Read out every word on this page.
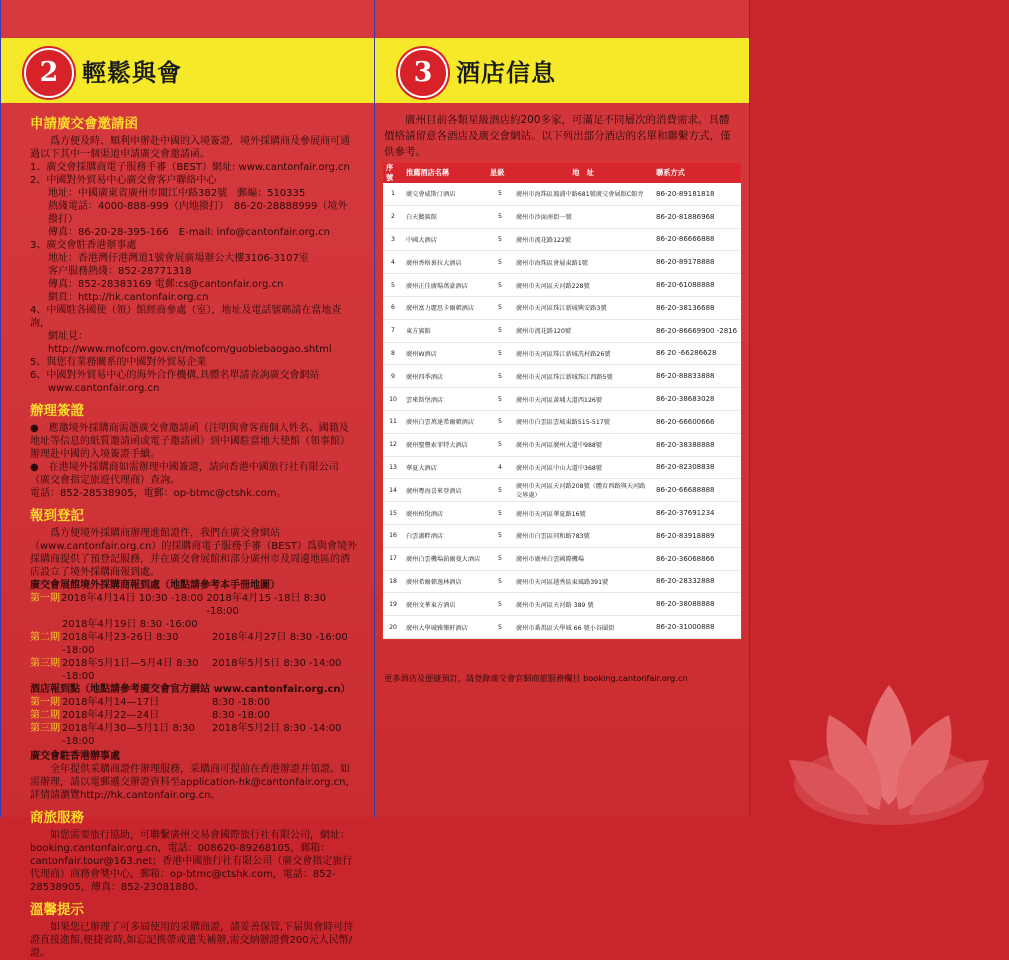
2 輕鬆與會
申請廣交會邀請函

爲方便及時、順利申辦赴中國的入境簽證，境外採購商及參展商可通過以下其中一個渠道申請廣交會邀請函。

1、廣交會採購商電子服務手審（BEST）網址: www.cantonfair.org.cn

2、中國對外貿易中心廣交會客户聯絡中心

地址：中國廣東省廣州市閲江中路382號　郵編：510335

熱綫電話：4000-888-999（内地撥打）　86-20-28888999（境外撥打）

傳真：86-20-28-395-166　E-mail: info@cantonfair.org.cn

3、廣交會駐香港辦事處

地址：香港灣仔港灣道1號會展廣場辦公大樓3106-3107室

客户服務熱綫：852-28771318

傳真：852-28383169 電郵:cs@cantonfair.org.cn

網頁：http://hk.cantonfair.org.cn

4、中國駐各國使（領）館經商參處（室），地址及電話號碼請在當地查詢，

網址見：http://www.mofcom.gov.cn/mofcom/guobiebaogao.shtml

5、與您有業務關系的中國對外貿易企業

6、中國對外貿易中心的海外合作機構,具體名單請查詢廣交會網站

www.cantonfair.org.cn

辦理簽證

●　應邀境外採購商需憑廣交會邀請函（注明與會客商個人姓名、國籍及地址等信息的紙質邀請函或電子邀請函）到中國駐當地大使館（領事館）辦理赴中國的入境簽證手續。

●　在港境外採購商如需辦理中國簽證，請向香港中國旅行社有限公司（廣交會指定旅遊代理商）查詢。

電話：852-28538905，電郵：op-btmc@ctshk.com。

報到登記

爲方便境外採購商辦理進館證件，我們在廣交會網站（www.cantonfair.org.cn）的採購商電子服務手審（BEST）爲與會境外採購商提供了預登記服務，并在廣交會展館和部分廣州市及周邊地區的酒店設立了境外採購商報到處。

廣交會展館境外採購商報到處（地點請參考本手冊地圖）

第一期 2018年4月14日 10:30 -18:00 2018年4月15 -18日 8:30 -18:00
2018年4月19日 8:30 -16:00
第二期 2018年4月23-26日 8:30 -18:00
2018年4月27日 8:30 -16:00
第三期 2018年5月1日—5月4日 8:30 -18:00
2018年5月5日 8:30 -14:00

酒店報到點（地點請參考廣交會官方網站 www.cantonfair.org.cn）

第一期 2018年4月14—17日	8:30 -18:00
第二期 2018年4月22—24日	8:30 -18:00
第三期 2018年4月30—5月1日 8:30 -18:00
2018年5月2日 8:30 -14:00

廣交會駐香港辦事處

全年提供采購商證件辦理服務，采購商可提前在香港辦證并領證。如需辦理，請以電郵遞交辦證資料至application-hk@cantonfair.org.cn，詳情請瀏覽http://hk.cantonfair.org.cn。

商旅服務

如您需要旅行協助，可聯繫廣州交易會國際旅行社有限公司，網址：booking.cantonfair.org.cn，電話：008620-89268105，郵箱：cantonfair.tour@163.net；香港中國旅行社有限公司（廣交會指定旅行代理商）商務會奬中心，郵箱：op-btmc@ctshk.com，電話：852-28538905，傳真：852-23081880。

溫馨提示

如果您已辦理了可多屆使用的采購商證，請妥善保管,下届與會時可持證直接進館,便捷省時,如忘記携帶或遺失補辦,需交納辦證費200元人民幣/證。

3 酒店信息
廣州目前各類星級酒店約200多家，可滿足不同層次的消費需求。具體價格請留意各酒店及廣交會網站。以下列出部分酒店的名單和聯繫方式，僅供參考。
序號	推薦酒店名稱	星級	地　址	聯系方式
1	廣交會威斯汀酒店	5	廣州市海珠區鳳浦中路681號廣交會展館C館旁	86-20-89181818
2	白天鵝賓館	5	廣州市沙面南街一號	86-20-81886968
3	中國大酒店	5	廣州市流花路122號	86-20-86666888
4	廣州香格裏拉大酒店	5	廣州市海珠區會展東路1號	86-20-89178888
5	廣州正佳廣場萬豪酒店	5	廣州市天河區天河路228號	86-20-61088888
6	廣州富力麗思卡爾頓酒店	5	廣州市天河區珠江新城興安路3號	86-20-38136688
7	東方賓館	5	廣州市流花路120號	86-20-86669900 -2816
8	廣州W酒店	5	廣州市天河區珠江新城冼村路26號	86 20 -66286628
9	廣州四季酒店	5	廣州市天河區珠江新城珠江西路5號	86-20-88833888
10	雲來斯堡酒店	5	廣州市天河區黃埔大道西126號	86-20-38683028
11	廣州白雲萬達希爾頓酒店	5	廣州市白雲區雲城東路515-517號	86-20-66600666
12	廣州聖豐索菲特大酒店	5	廣州市天河區廣州大道中988號	86-20-38388888
13	華夏大酒店	4	廣州市天河區中山大道中368號	86-20-82308838
14	廣州粵海喜來登酒店	5	廣州市天河區天河路208號（體育西路與天河路交界處）	86-20-66688888
15	廣州柏悅酒店	5	廣州市天河區華夏路16號	86-20-37691234
16	白雲湖畔酒店	5	廣州市白雲區同和路783號	86-20-83918889
17	廣州白雲機場鉑爾曼大酒店	5	廣州市廣州白雲國際機場	86-20-36068866
18	廣州希爾頓逸林酒店	5	廣州市天河區越秀區東風路391號	86-20-28332888
19	廣州文華東方酒店	5	廣州市天河區天河路 389 號	86-20-38088888
20	廣州大學城雅樂軒酒店	5	廣州市番禺區大學城 66 號小谷圍街	86-20-31000888
更多酒店及便捷預訂，請登錄廣交會官網商旅服務欄目 booking.cantonfair.org.cn
